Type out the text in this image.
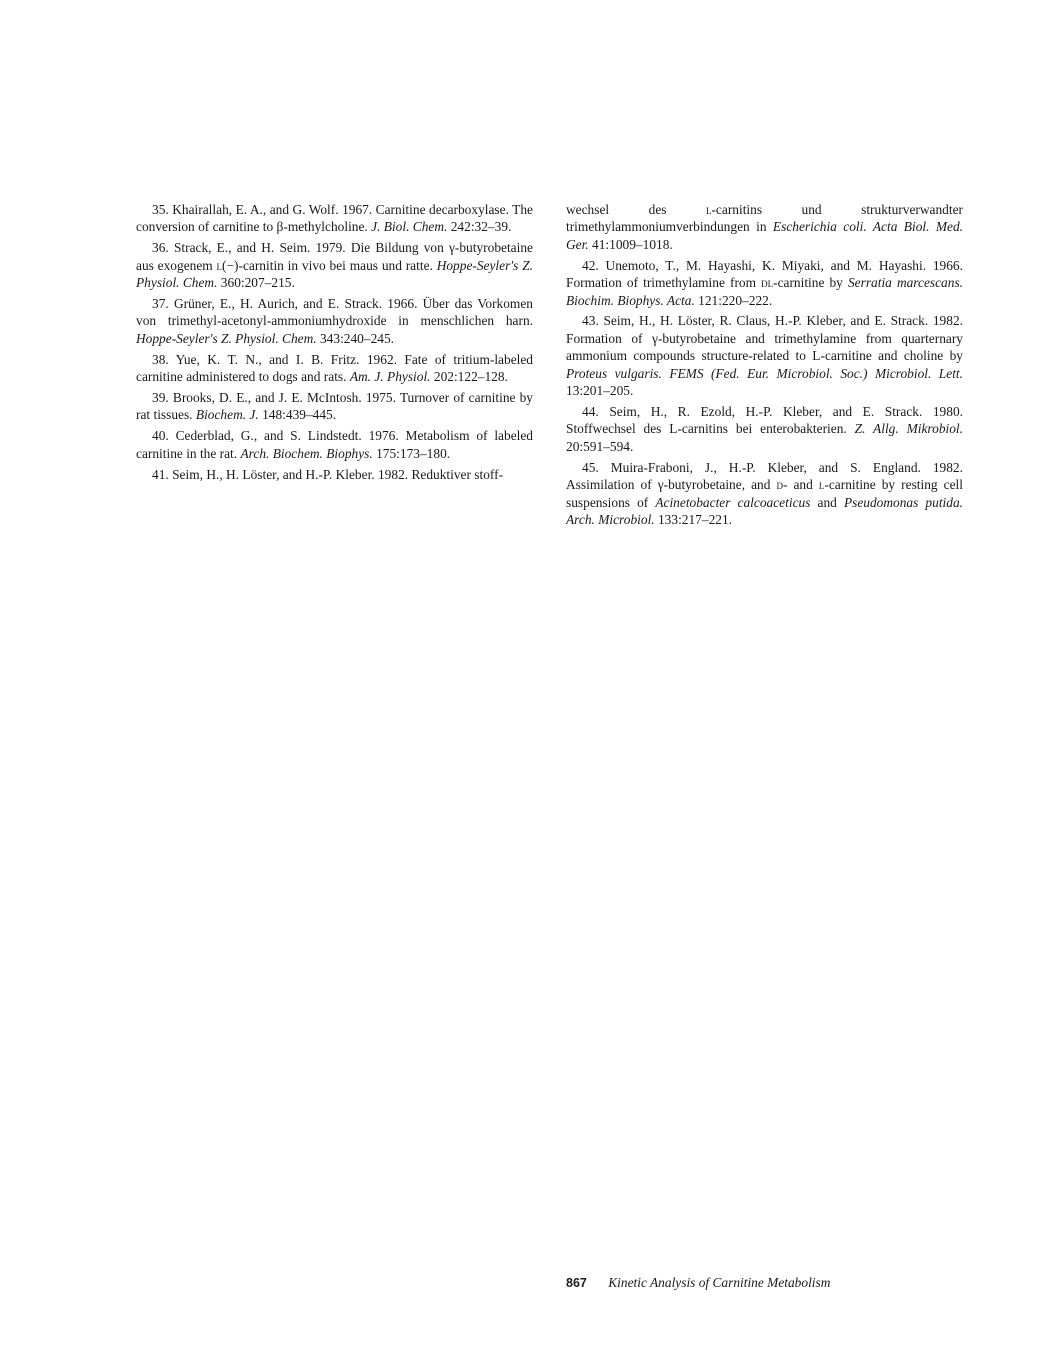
35. Khairallah, E. A., and G. Wolf. 1967. Carnitine decarboxylase. The conversion of carnitine to β-methylcholine. J. Biol. Chem. 242:32–39.

36. Strack, E., and H. Seim. 1979. Die Bildung von γ-butyrobetaine aus exogenem l(−)-carnitin in vivo bei maus und ratte. Hoppe-Seyler's Z. Physiol. Chem. 360:207–215.

37. Grüner, E., H. Aurich, and E. Strack. 1966. Über das Vorkomen von trimethyl-acetonyl-ammoniumhydroxide in menschlichen harn. Hoppe-Seyler's Z. Physiol. Chem. 343:240–245.

38. Yue, K. T. N., and I. B. Fritz. 1962. Fate of tritium-labeled carnitine administered to dogs and rats. Am. J. Physiol. 202:122–128.

39. Brooks, D. E., and J. E. McIntosh. 1975. Turnover of carnitine by rat tissues. Biochem. J. 148:439–445.

40. Cederblad, G., and S. Lindstedt. 1976. Metabolism of labeled carnitine in the rat. Arch. Biochem. Biophys. 175:173–180.

41. Seim, H., H. Löster, and H.-P. Kleber. 1982. Reduktiver stoff-

wechsel des l-carnitins und strukturverwandter trimethylammoniumverbindungen in Escherichia coli. Acta Biol. Med. Ger. 41:1009–1018.

42. Unemoto, T., M. Hayashi, K. Miyaki, and M. Hayashi. 1966. Formation of trimethylamine from dl-carnitine by Serratia marcescans. Biochim. Biophys. Acta. 121:220–222.

43. Seim, H., H. Löster, R. Claus, H.-P. Kleber, and E. Strack. 1982. Formation of γ-butyrobetaine and trimethylamine from quarternary ammonium compounds structure-related to L-carnitine and choline by Proteus vulgaris. FEMS (Fed. Eur. Microbiol. Soc.) Microbiol. Lett. 13:201–205.

44. Seim, H., R. Ezold, H.-P. Kleber, and E. Strack. 1980. Stoffwechsel des L-carnitins bei enterobakterien. Z. Allg. Mikrobiol. 20:591–594.

45. Muira-Fraboni, J., H.-P. Kleber, and S. England. 1982. Assimilation of γ-butyrobetaine, and d- and l-carnitine by resting cell suspensions of Acinetobacter calcoaceticus and Pseudomonas putida. Arch. Microbiol. 133:217–221.

867 Kinetic Analysis of Carnitine Metabolism
